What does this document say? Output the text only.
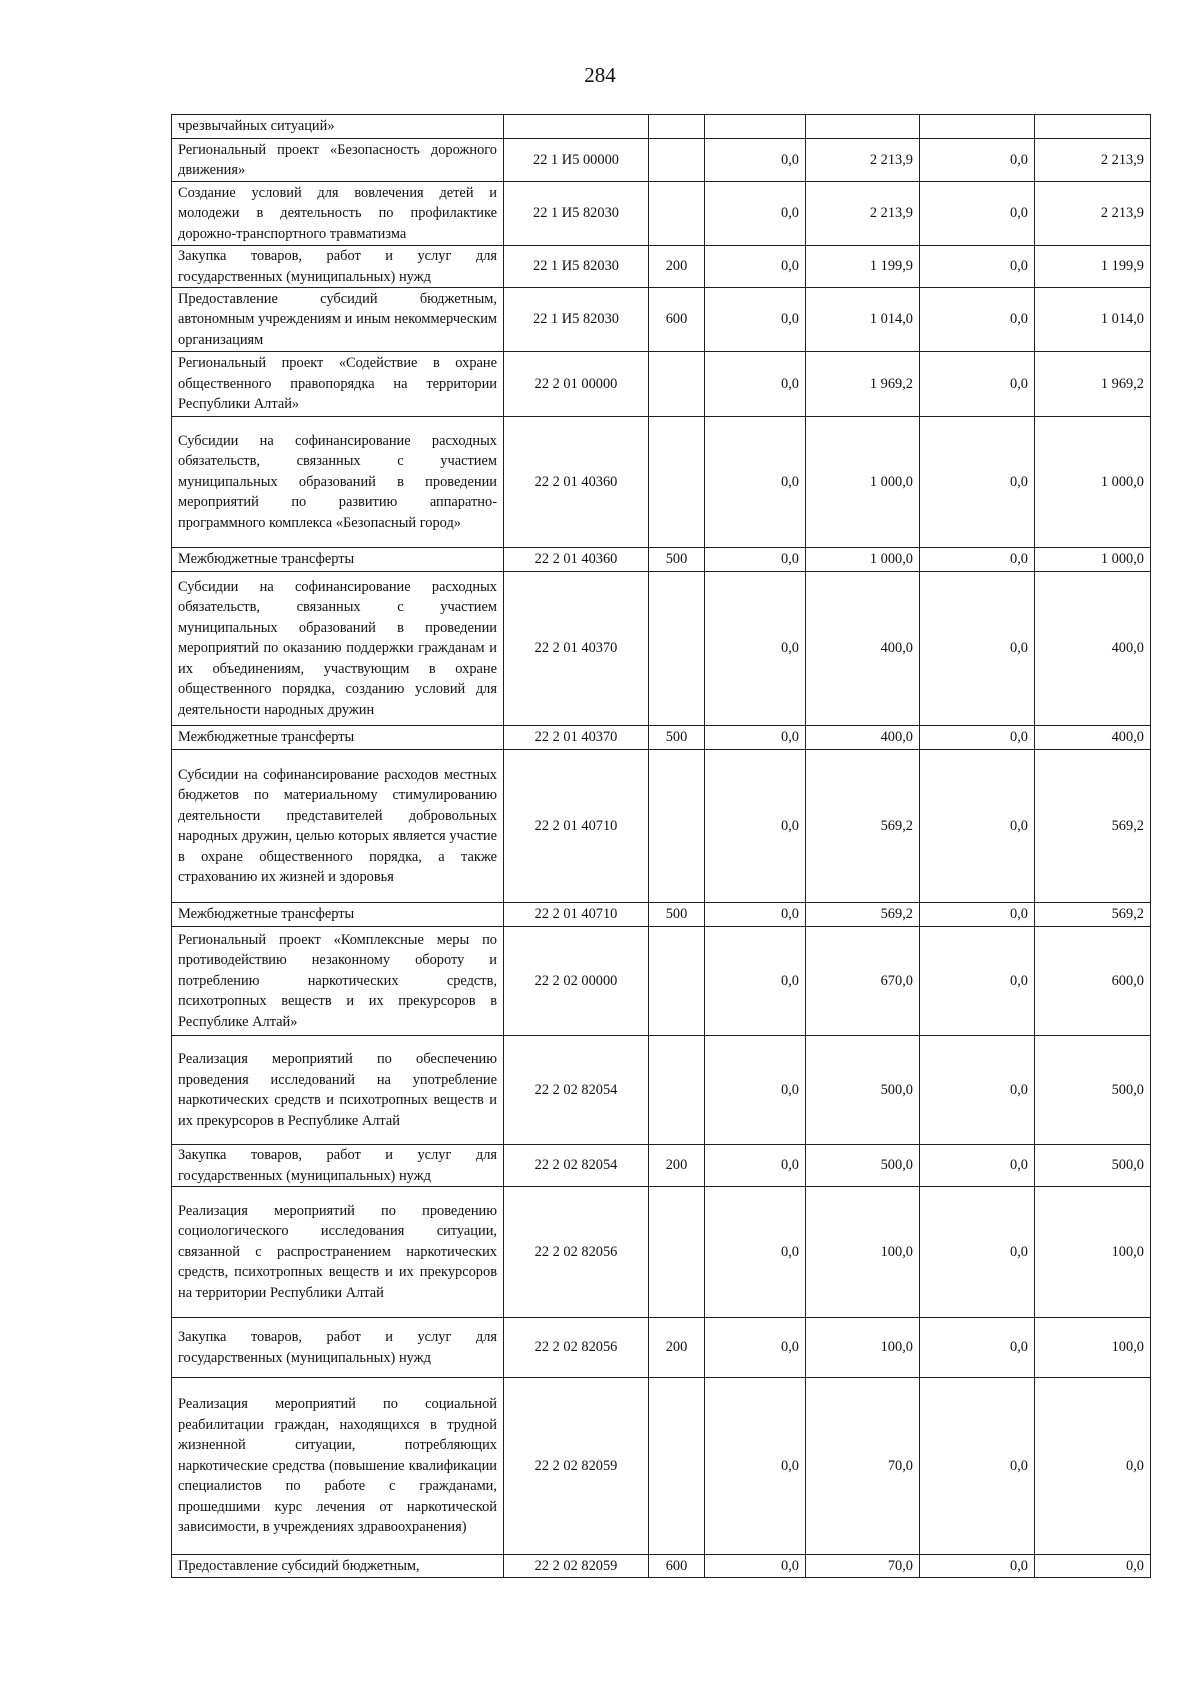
284
чрезвычайных ситуаций»						
Региональный проект «Безопасность дорожного движения»	22 1 И5 00000		0,0	2 213,9	0,0	2 213,9
Создание условий для вовлечения детей и молодежи в деятельность по профилактике дорожно-транспортного травматизма	22 1 И5 82030		0,0	2 213,9	0,0	2 213,9
Закупка товаров, работ и услуг для государственных (муниципальных) нужд	22 1 И5 82030	200	0,0	1 199,9	0,0	1 199,9
Предоставление субсидий бюджетным, автономным учреждениям и иным некоммерческим организациям	22 1 И5 82030	600	0,0	1 014,0	0,0	1 014,0
Региональный проект «Содействие в охране общественного правопорядка на территории Республики Алтай»	22 2 01 00000		0,0	1 969,2	0,0	1 969,2
Субсидии на софинансирование расходных обязательств, связанных с участием муниципальных образований в проведении мероприятий по развитию аппаратно-программного комплекса «Безопасный город»	22 2 01 40360		0,0	1 000,0	0,0	1 000,0
Межбюджетные трансферты	22 2 01 40360	500	0,0	1 000,0	0,0	1 000,0
Субсидии на софинансирование расходных обязательств, связанных с участием муниципальных образований в проведении мероприятий по оказанию поддержки гражданам и их объединениям, участвующим в охране общественного порядка, созданию условий для деятельности народных дружин	22 2 01 40370		0,0	400,0	0,0	400,0
Межбюджетные трансферты	22 2 01 40370	500	0,0	400,0	0,0	400,0
Субсидии на софинансирование расходов местных бюджетов по материальному стимулированию деятельности представителей добровольных народных дружин, целью которых является участие в охране общественного порядка, а также страхованию их жизней и здоровья	22 2 01 40710		0,0	569,2	0,0	569,2
Межбюджетные трансферты	22 2 01 40710	500	0,0	569,2	0,0	569,2
Региональный проект «Комплексные меры по противодействию незаконному обороту и потреблению наркотических средств, психотропных веществ и их прекурсоров в Республике Алтай»	22 2 02 00000		0,0	670,0	0,0	600,0
Реализация мероприятий по обеспечению проведения исследований на употребление наркотических средств и психотропных веществ и их прекурсоров в Республике Алтай	22 2 02 82054		0,0	500,0	0,0	500,0
Закупка товаров, работ и услуг для государственных (муниципальных) нужд	22 2 02 82054	200	0,0	500,0	0,0	500,0
Реализация мероприятий по проведению социологического исследования ситуации, связанной с распространением наркотических средств, психотропных веществ и их прекурсоров на территории Республики Алтай	22 2 02 82056		0,0	100,0	0,0	100,0
Закупка товаров, работ и услуг для государственных (муниципальных) нужд	22 2 02 82056	200	0,0	100,0	0,0	100,0
Реализация мероприятий по социальной реабилитации граждан, находящихся в трудной жизненной ситуации, потребляющих наркотические средства (повышение квалификации специалистов по работе с гражданами, прошедшими курс лечения от наркотической зависимости, в учреждениях здравоохранения)	22 2 02 82059		0,0	70,0	0,0	0,0
Предоставление субсидий бюджетным,	22 2 02 82059	600	0,0	70,0	0,0	0,0
